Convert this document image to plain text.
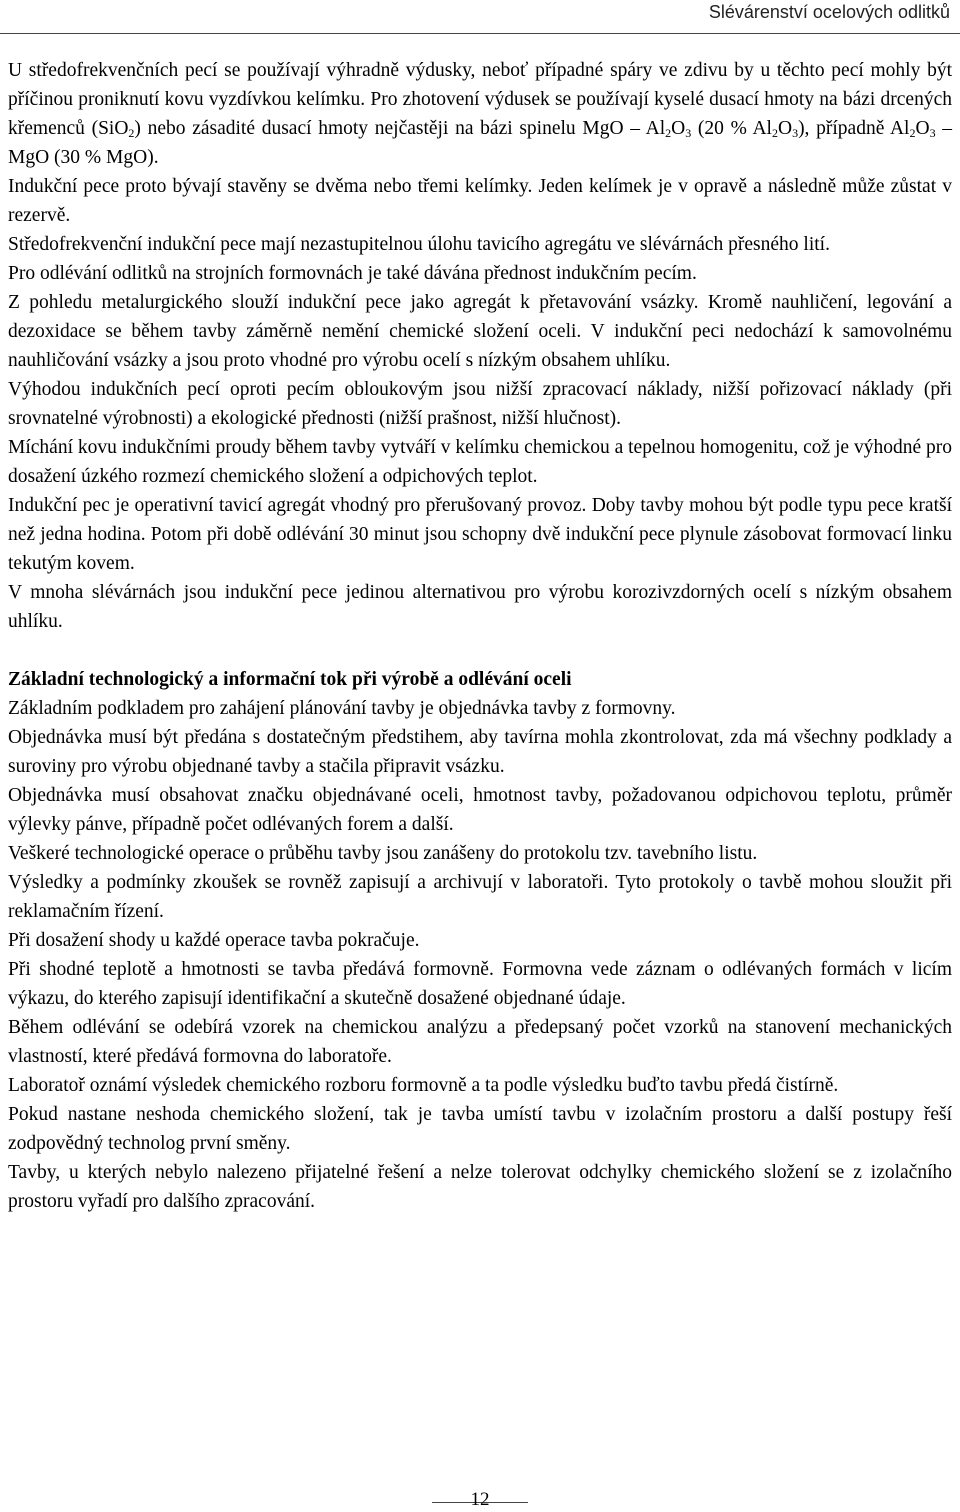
Slévárenství ocelových odlitků

U středofrekvenčních pecí se používají výhradně výdusky, neboť případné spáry ve zdivu by u těchto pecí mohly být příčinou proniknutí kovu vyzdívkou kelímku. Pro zhotovení výdusek se používají kyselé dusací hmoty na bázi drcených křemenců (SiO$_2$) nebo zásadité dusací hmoty nejčastěji na bázi spinelu MgO – $Al_2O_3$ (20 % $Al_2O_3$), případně $Al_2O_3$ – MgO (30 % MgO).

Indukční pece proto bývají stavěny se dvěma nebo třemi kelímky. Jeden kelímek je v opravě a následně může zůstat v rezervě.

Středofrekvenční indukční pece mají nezastupitelnou úlohu tavicího agregátu ve slévárnách přesného lití.

Pro odlévání odlitků na strojních formovnách je také dávána přednost indukčním pecím.

Z pohledu metalurgického slouží indukční pece jako agregát k přetavování vsázky. Kromě nauhličení, legování a dezoxidace se během tavby záměrně nemění chemické složení oceli. V indukční peci nedochází k samovolnému nauhličování vsázky a jsou proto vhodné pro výrobu ocelí s nízkým obsahem uhlíku.

Výhodou indukčních pecí oproti pecím obloukovým jsou nižší zpracovací náklady, nižší pořizovací náklady (při srovnatelné výrobnosti) a ekologické přednosti (nižší prašnost, nižší hlučnost).

Míchání kovu indukčními proudy během tavby vytváří v kelímku chemickou a tepelnou homogenitu, což je výhodné pro dosažení úzkého rozmezí chemického složení a odpichových teplot.

Indukční pec je operativní tavicí agregát vhodný pro přerušovaný provoz. Doby tavby mohou být podle typu pece kratší než jedna hodina. Potom při době odlévání 30 minut jsou schopny dvě indukční pece plynule zásobovat formovací linku tekutým kovem.

V mnoha slévárnách jsou indukční pece jedinou alternativou pro výrobu korozivzdorných ocelí s nízkým obsahem uhlíku.

Základní technologický a informační tok při výrobě a odlévání oceli

Základním podkladem pro zahájení plánování tavby je objednávka tavby z formovny.

Objednávka musí být předána s dostatečným předstihem, aby tavírna mohla zkontrolovat, zda má všechny podklady a suroviny pro výrobu objednané tavby a stačila připravit vsázku.

Objednávka musí obsahovat značku objednávané oceli, hmotnost tavby, požadovanou odpichovou teplotu, průměr výlevky pánve, případně počet odlévaných forem a další.

Veškeré technologické operace o průběhu tavby jsou zanášeny do protokolu tzv. tavebního listu.

Výsledky a podmínky zkoušek se rovněž zapisují a archivují v laboratoři. Tyto protokoly o tavbě mohou sloužit při reklamačním řízení.

Při dosažení shody u každé operace tavba pokračuje.

Při shodné teplotě a hmotnosti se tavba předává formovně. Formovna vede záznam o odlévaných formách v licím výkazu, do kterého zapisují identifikační a skutečně dosažené objednané údaje.

Během odlévání se odebírá vzorek na chemickou analýzu a předepsaný počet vzorků na stanovení mechanických vlastností, které předává formovna do laboratoře.

Laboratoř oznámí výsledek chemického rozboru formovně a ta podle výsledku buďto tavbu předá čistírně.

Pokud nastane neshoda chemického složení, tak je tavba umístí tavbu v izolačním prostoru a další postupy řeší zodpovědný technolog první směny.

Tavby, u kterých nebylo nalezeno přijatelné řešení a nelze tolerovat odchylky chemického složení se z izolačního prostoru vyřadí pro dalšího zpracování.

12
